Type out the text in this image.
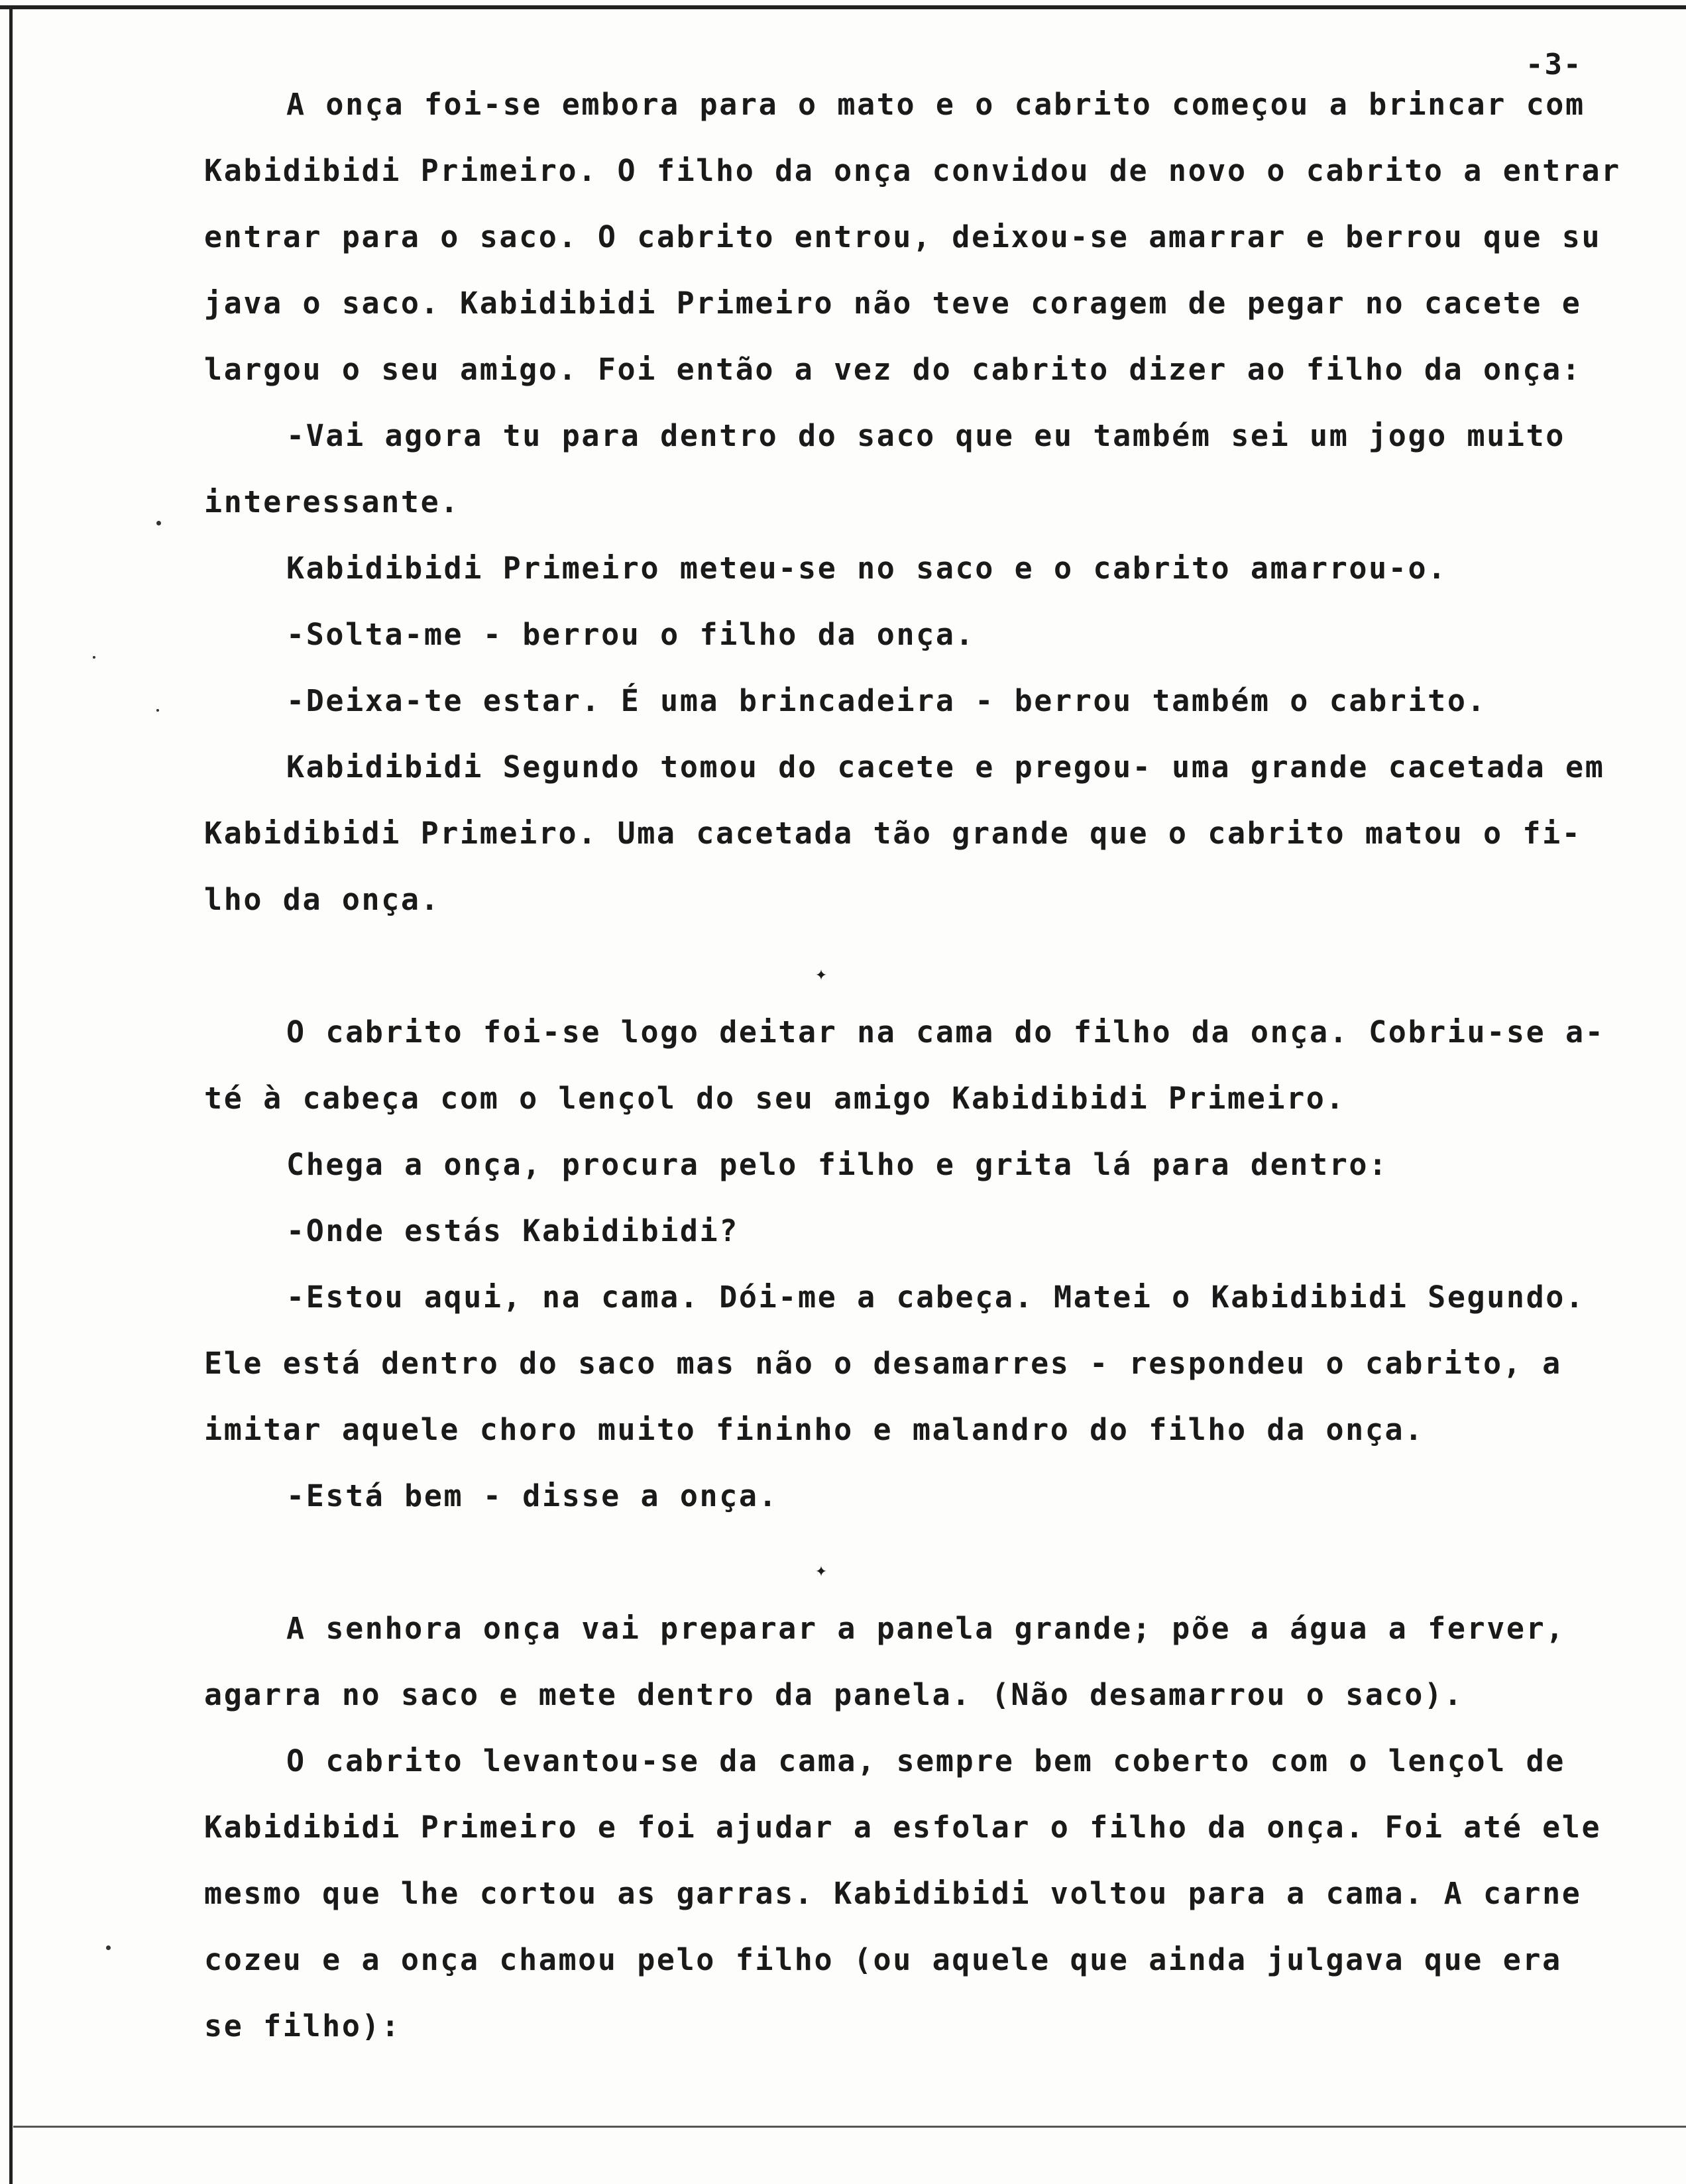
-3-

A onça foi-se embora para o mato e o cabrito começou a brincar com

Kabidibidi Primeiro. O filho da onça convidou de novo o cabrito a entrar

entrar para o saco. O cabrito entrou, deixou-se amarrar e berrou que su

java o saco. Kabidibidi Primeiro não teve coragem de pegar no cacete e

largou o seu amigo. Foi então a vez do cabrito dizer ao filho da onça:

-Vai agora tu para dentro do saco que eu também sei um jogo muito

interessante.

Kabidibidi Primeiro meteu-se no saco e o cabrito amarrou-o.

-Solta-me - berrou o filho da onça.

-Deixa-te estar. É uma brincadeira - berrou também o cabrito.

Kabidibidi Segundo tomou do cacete e pregou- uma grande cacetada em

Kabidibidi Primeiro. Uma cacetada tão grande que o cabrito matou o fi-

lho da onça.

O cabrito foi-se logo deitar na cama do filho da onça. Cobriu-se a-

té à cabeça com o lençol do seu amigo Kabidibidi Primeiro.

Chega a onça, procura pelo filho e grita lá para dentro:

-Onde estás Kabidibidi?

-Estou aqui, na cama. Dói-me a cabeça. Matei o Kabidibidi Segundo.

Ele está dentro do saco mas não o desamarres - respondeu o cabrito, a

imitar aquele choro muito fininho e malandro do filho da onça.

-Está bem - disse a onça.

A senhora onça vai preparar a panela grande; põe a água a ferver,

agarra no saco e mete dentro da panela. (Não desamarrou o saco).

O cabrito levantou-se da cama, sempre bem coberto com o lençol de

Kabidibidi Primeiro e foi ajudar a esfolar o filho da onça. Foi até ele

mesmo que lhe cortou as garras. Kabidibidi voltou para a cama. A carne

cozeu e a onça chamou pelo filho (ou aquele que ainda julgava que era

se filho):

✦
✦
